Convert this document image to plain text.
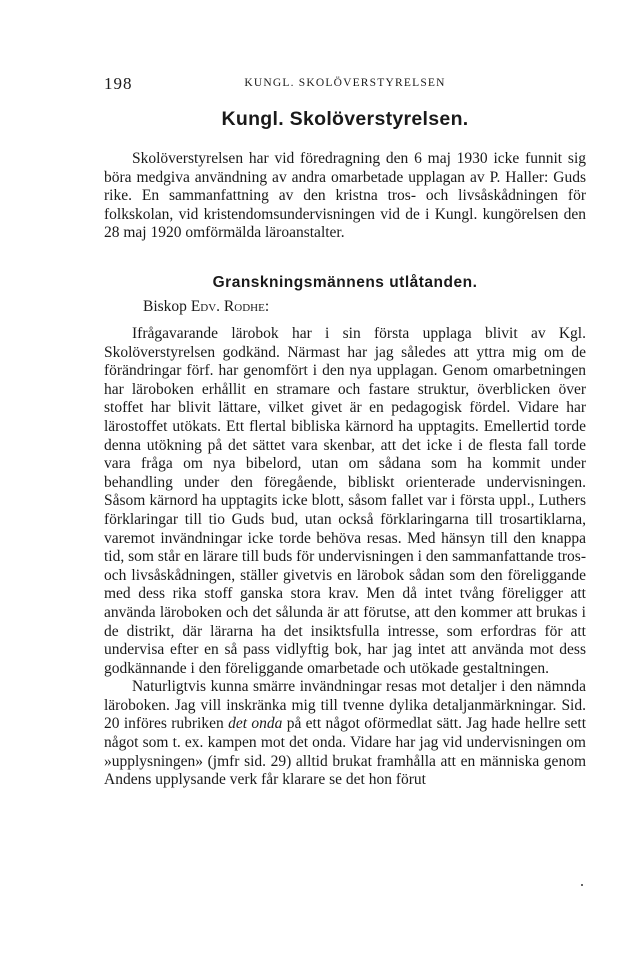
198	KUNGL. SKOLÖVERSTYRELSEN
Kungl. Skolöverstyrelsen.

Skolöverstyrelsen har vid föredragning den 6 maj 1930 icke funnit sig böra medgiva användning av andra omarbetade upplagan av P. Haller: Guds rike. En sammanfattning av den kristna tros- och livsåskådningen för folkskolan, vid kristendomsundervisningen vid de i Kungl. kungörelsen den 28 maj 1920 omförmälda läroanstalter.

Granskningsmännens utlåtanden.
Biskop Edv. Rodhe:

Ifrågavarande lärobok har i sin första upplaga blivit av Kgl. Skolöverstyrelsen godkänd. Närmast har jag således att yttra mig om de förändringar förf. har genomfört i den nya upplagan. Genom omarbetningen har läroboken erhållit en stramare och fastare struktur, överblicken över stoffet har blivit lättare, vilket givet är en pedagogisk fördel. Vidare har lärostoffet utökats. Ett flertal bibliska kärnord ha upptagits. Emellertid torde denna utökning på det sättet vara skenbar, att det icke i de flesta fall torde vara fråga om nya bibelord, utan om sådana som ha kommit under behandling under den föregående, bibliskt orienterade undervisningen. Såsom kärnord ha upptagits icke blott, såsom fallet var i första uppl., Luthers förklaringar till tio Guds bud, utan också förklaringarna till trosartiklarna, varemot invändningar icke torde behöva resas. Med hänsyn till den knappa tid, som står en lärare till buds för undervisningen i den sammanfattande tros- och livsåskådningen, ställer givetvis en lärobok sådan som den föreliggande med dess rika stoff ganska stora krav. Men då intet tvång föreligger att använda läroboken och det sålunda är att förutse, att den kommer att brukas i de distrikt, där lärarna ha det insiktsfulla intresse, som erfordras för att undervisa efter en så pass vidlyftig bok, har jag intet att använda mot dess godkännande i den föreliggande omarbetade och utökade gestaltningen.

Naturligtvis kunna smärre invändningar resas mot detaljer i den nämnda läroboken. Jag vill inskränka mig till tvenne dylika detaljanmärkningar. Sid. 20 införes rubriken det onda på ett något oförmedlat sätt. Jag hade hellre sett något som t. ex. kampen mot det onda. Vidare har jag vid undervisningen om »upplysningen» (jmfr sid. 29) alltid brukat framhålla att en människa genom Andens upplysande verk får klarare se det hon förut
